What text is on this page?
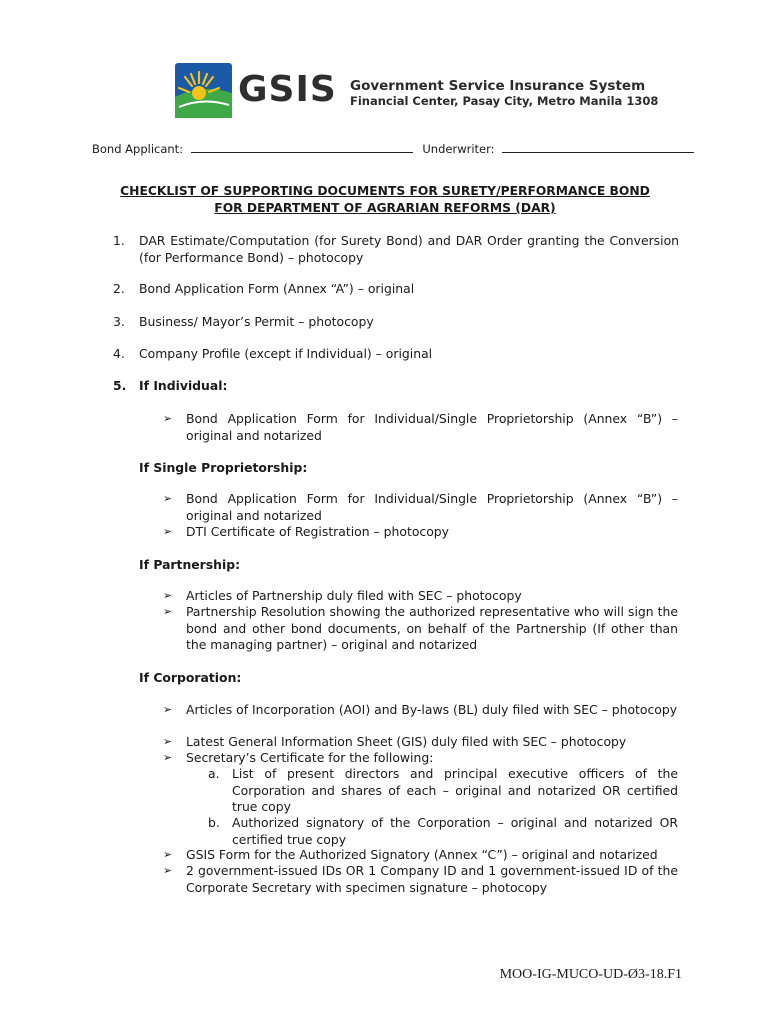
GSIS Government Service Insurance System
Financial Center, Pasay City, Metro Manila 1308
Bond Applicant:	Underwriter:
CHECKLIST OF SUPPORTING DOCUMENTS FOR SURETY/PERFORMANCE BOND
FOR DEPARTMENT OF AGRARIAN REFORMS (DAR)
1.	DAR Estimate/Computation (for Surety Bond) and DAR Order granting the Conversion (for Performance Bond) – photocopy
2.	Bond Application Form (Annex “A”) – original
3.	Business/ Mayor’s Permit – photocopy
4.	Company Profile (except if Individual) – original
5.	If Individual:
➢ Bond Application Form for Individual/Single Proprietorship (Annex “B”) – original and notarized
If Single Proprietorship:
➢ Bond Application Form for Individual/Single Proprietorship (Annex “B”) – original and notarized
➢ DTI Certificate of Registration – photocopy
If Partnership:
➢ Articles of Partnership duly filed with SEC – photocopy
➢ Partnership Resolution showing the authorized representative who will sign the bond and other bond documents, on behalf of the Partnership (If other than the managing partner) – original and notarized
If Corporation:
➢ Articles of Incorporation (AOI) and By-laws (BL) duly filed with SEC – photocopy
➢ Latest General Information Sheet (GIS) duly filed with SEC – photocopy
➢ Secretary’s Certificate for the following:
a. List of present directors and principal executive officers of the Corporation and shares of each – original and notarized OR certified true copy
b. Authorized signatory of the Corporation – original and notarized OR certified true copy
➢ GSIS Form for the Authorized Signatory (Annex “C”) – original and notarized
➢ 2 government-issued IDs OR 1 Company ID and 1 government-issued ID of the Corporate Secretary with specimen signature – photocopy
MOO-IG-MUCO-UD-Ø3-18.F1
